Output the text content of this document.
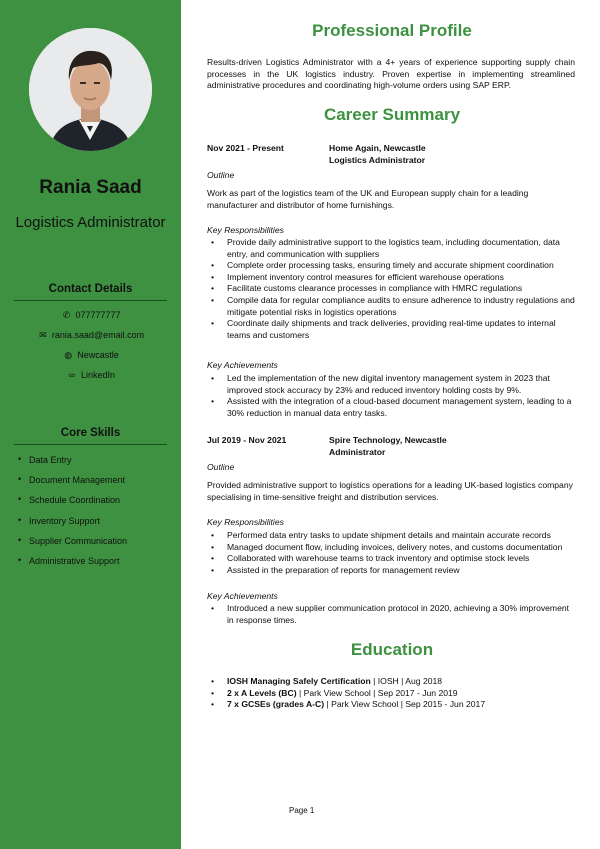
Rania Saad
Logistics Administrator
Contact Details
✆ 077777777
✉ rania.saad@email.com
◍ Newcastle
∞ LinkedIn
Core Skills
• Data Entry
• Document Management
• Schedule Coordination
• Inventory Support
• Supplier Communication
• Administrative Support
Professional Profile
Results-driven Logistics Administrator with a 4+ years of experience supporting supply chain processes in the UK logistics industry. Proven expertise in implementing streamlined administrative procedures and coordinating high-volume orders using SAP ERP.
Career Summary
Nov 2021 - Present	Home Again, Newcastle
Logistics Administrator
Outline
Work as part of the logistics team of the UK and European supply chain for a leading manufacturer and distributor of home furnishings.
Key Responsibilities
• Provide daily administrative support to the logistics team, including documentation, data entry, and communication with suppliers
• Complete order processing tasks, ensuring timely and accurate shipment coordination
• Implement inventory control measures for efficient warehouse operations
• Facilitate customs clearance processes in compliance with HMRC regulations
• Compile data for regular compliance audits to ensure adherence to industry regulations and mitigate potential risks in logistics operations
• Coordinate daily shipments and track deliveries, providing real-time updates to internal teams and customers
Key Achievements
• Led the implementation of the new digital inventory management system in 2023 that improved stock accuracy by 23% and reduced inventory holding costs by 9%.
• Assisted with the integration of a cloud-based document management system, leading to a 30% reduction in manual data entry tasks.
Jul 2019 - Nov 2021	Spire Technology, Newcastle
Administrator
Outline
Provided administrative support to logistics operations for a leading UK-based logistics company specialising in time-sensitive freight and distribution services.
Key Responsibilities
• Performed data entry tasks to update shipment details and maintain accurate records
• Managed document flow, including invoices, delivery notes, and customs documentation
• Collaborated with warehouse teams to track inventory and optimise stock levels
• Assisted in the preparation of reports for management review
Key Achievements
• Introduced a new supplier communication protocol in 2020, achieving a 30% improvement in response times.
Education
• IOSH Managing Safely Certification | IOSH | Aug 2018
• 2 x A Levels (BC) | Park View School | Sep 2017 - Jun 2019
• 7 x GCSEs (grades A-C) | Park View School | Sep 2015 - Jun 2017
Page 1
